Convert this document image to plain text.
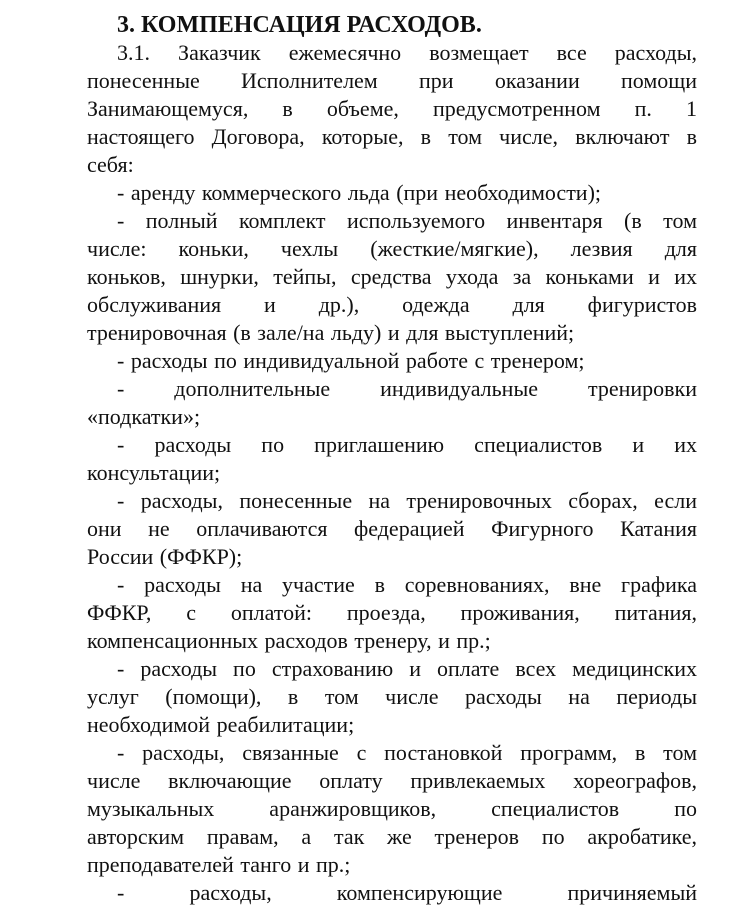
3. КОМПЕНСАЦИЯ РАСХОДОВ.
3.1. Заказчик ежемесячно возмещает все расходы,
понесенные Исполнителем при оказании помощи
Занимающемуся, в объеме, предусмотренном п. 1
настоящего Договора, которые, в том числе, включают в
себя:
- аренду коммерческого льда (при необходимости);
- полный комплект используемого инвентаря (в том
числе: коньки, чехлы (жесткие/мягкие), лезвия для
коньков, шнурки, тейпы, средства ухода за коньками и их
обслуживания и др.), одежда для фигуристов
тренировочная (в зале/на льду) и для выступлений;
- расходы по индивидуальной работе с тренером;
- дополнительные индивидуальные тренировки
«подкатки»;
- расходы по приглашению специалистов и их
консультации;
- расходы, понесенные на тренировочных сборах, если
они не оплачиваются федерацией Фигурного Катания
России (ФФКР);
- расходы на участие в соревнованиях, вне графика
ФФКР, с оплатой: проезда, проживания, питания,
компенсационных расходов тренеру, и пр.;
- расходы по страхованию и оплате всех медицинских
услуг (помощи), в том числе расходы на периоды
необходимой реабилитации;
- расходы, связанные с постановкой программ, в том
числе включающие оплату привлекаемых хореографов,
музыкальных аранжировщиков, специалистов по
авторским правам, а так же тренеров по акробатике,
преподавателей танго и пр.;
- расходы, компенсирующие причиняемый
